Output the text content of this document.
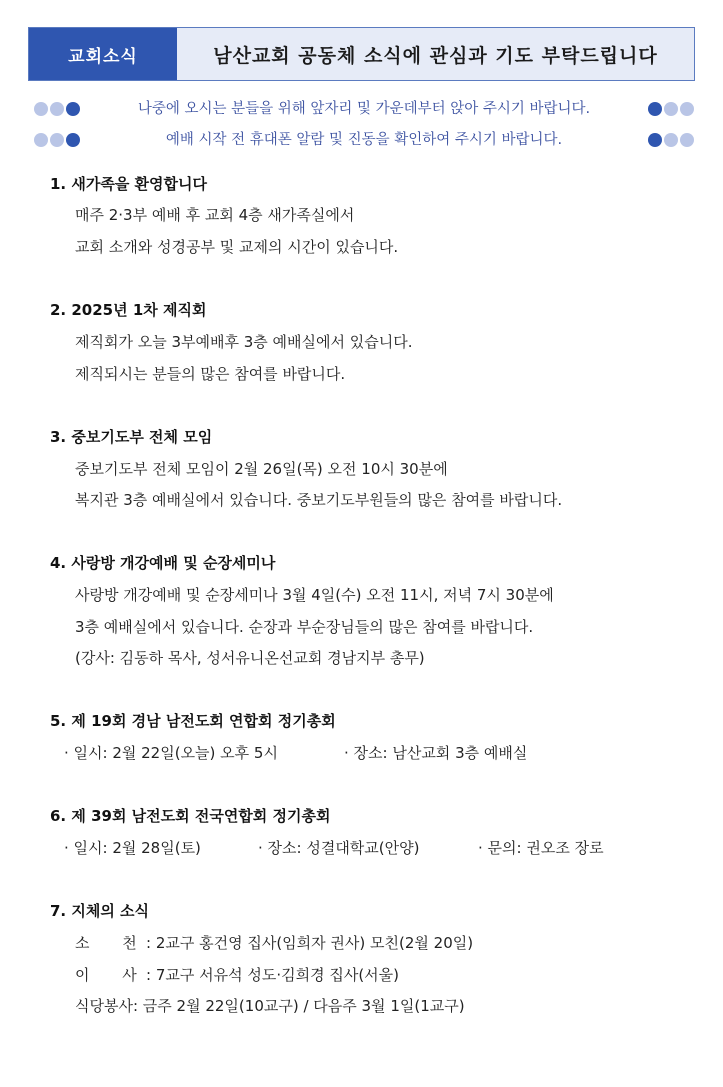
교회소식	남산교회 공동체 소식에 관심과 기도 부탁드립니다
나중에 오시는 분들을 위해 앞자리 및 가운데부터 앉아 주시기 바랍니다.
예배 시작 전 휴대폰 알람 및 진동을 확인하여 주시기 바랍니다.
1. 새가족을 환영합니다
매주 2·3부 예배 후 교회 4층 새가족실에서
교회 소개와 성경공부 및 교제의 시간이 있습니다.
2. 2025년 1차 제직회
제직회가 오늘 3부예배후 3층 예배실에서 있습니다.
제직되시는 분들의 많은 참여를 바랍니다.
3. 중보기도부 전체 모임
중보기도부 전체 모임이 2월 26일(목) 오전 10시 30분에
복지관 3층 예배실에서 있습니다. 중보기도부원들의 많은 참여를 바랍니다.
4. 사랑방 개강예배 및 순장세미나
사랑방 개강예배 및 순장세미나 3월 4일(수) 오전 11시, 저녁 7시 30분에
3층 예배실에서 있습니다. 순장과 부순장님들의 많은 참여를 바랍니다.
(강사: 김동하 목사, 성서유니온선교회 경남지부 총무)
5. 제 19회 경남 남전도회 연합회 정기총회
· 일시: 2월 22일(오늘) 오후 5시	· 장소: 남산교회 3층 예배실
6. 제 39회 남전도회 전국연합회 정기총회
· 일시: 2월 28일(토)	· 장소: 성결대학교(안양)	· 문의: 권오조 장로
7. 지체의 소식
소 천 : 2교구 홍건영 집사(임희자 권사) 모친(2월 20일)
이 사 : 7교구 서유석 성도·김희경 집사(서울)
식당봉사: 금주 2월 22일(10교구) / 다음주 3월 1일(1교구)
